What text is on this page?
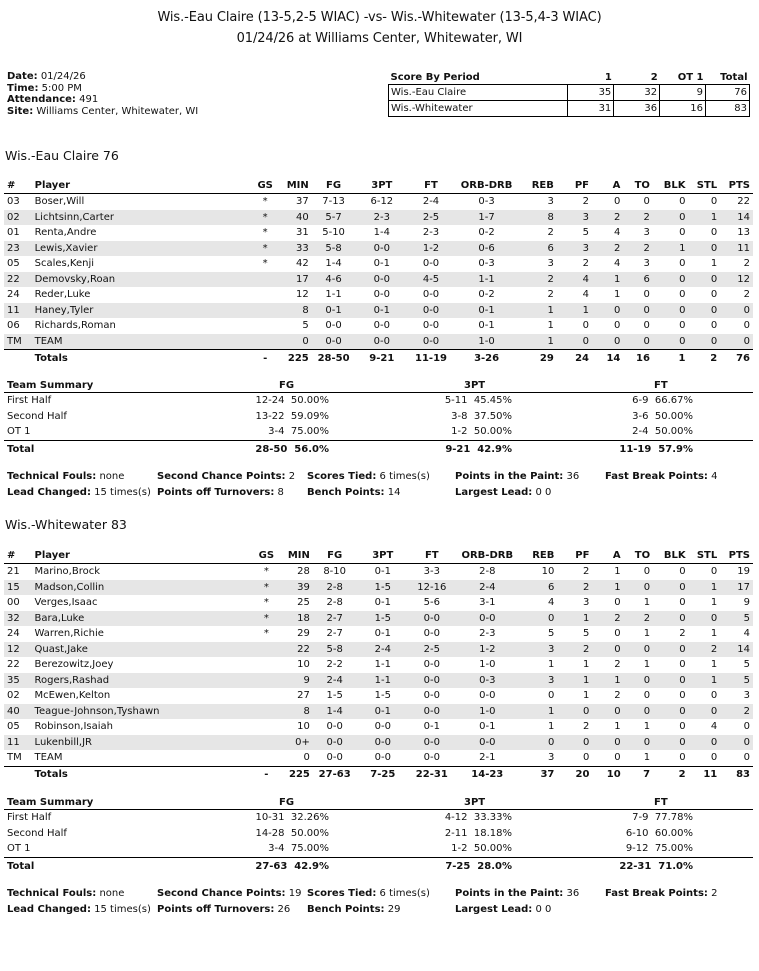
Wis.-Eau Claire (13-5,2-5 WIAC) -vs- Wis.-Whitewater (13-5,4-3 WIAC)
01/24/26 at Williams Center, Whitewater, WI
Date: 01/24/26
Time: 5:00 PM
Attendance: 491
Site: Williams Center, Whitewater, WI
Score By Period	1	2	OT 1	Total
Wis.-Eau Claire	35	32	9	76
Wis.-Whitewater	31	36	16	83
Wis.-Eau Claire 76
#	Player	GS	MIN	FG	3PT	FT	ORB-DRB	REB	PF	A	TO	BLK	STL	PTS
03	Boser,Will	*	37	7-13	6-12	2-4	0-3	3	2	0	0	0	0	22
02	Lichtsinn,Carter	*	40	5-7	2-3	2-5	1-7	8	3	2	2	0	1	14
01	Renta,Andre	*	31	5-10	1-4	2-3	0-2	2	5	4	3	0	0	13
23	Lewis,Xavier	*	33	5-8	0-0	1-2	0-6	6	3	2	2	1	0	11
05	Scales,Kenji	*	42	1-4	0-1	0-0	0-3	3	2	4	3	0	1	2
22	Demovsky,Roan		17	4-6	0-0	4-5	1-1	2	4	1	6	0	0	12
24	Reder,Luke		12	1-1	0-0	0-0	0-2	2	4	1	0	0	0	2
11	Haney,Tyler		8	0-1	0-1	0-0	0-1	1	1	0	0	0	0	0
06	Richards,Roman		5	0-0	0-0	0-0	0-1	1	0	0	0	0	0	0
TM	TEAM		0	0-0	0-0	0-0	1-0	1	0	0	0	0	0	0
	Totals	-	225	28-50	9-21	11-19	3-26	29	24	14	16	1	2	76
Team Summary	FG	3PT	FT
First Half	12-24  50.00%	5-11  45.45%	6-9  66.67%
Second Half	13-22  59.09%	3-8  37.50%	3-6  50.00%
OT 1	3-4  75.00%	1-2  50.00%	2-4  50.00%
Total	28-50  56.0%	9-21  42.9%	11-19  57.9%
Technical Fouls: none	Second Chance Points: 2 Scores Tied: 6 times(s)	Points in the Paint: 36	Fast Break Points: 4
Lead Changed: 15 times(s) Points off Turnovers: 8 Bench Points: 14	Largest Lead: 0 0
Wis.-Whitewater 83
#	Player	GS	MIN	FG	3PT	FT	ORB-DRB	REB	PF	A	TO	BLK	STL	PTS
21	Marino,Brock	*	28	8-10	0-1	3-3	2-8	10	2	1	0	0	0	19
15	Madson,Collin	*	39	2-8	1-5	12-16	2-4	6	2	1	0	0	1	17
00	Verges,Isaac	*	25	2-8	0-1	5-6	3-1	4	3	0	1	0	1	9
32	Bara,Luke	*	18	2-7	1-5	0-0	0-0	0	1	2	2	0	0	5
24	Warren,Richie	*	29	2-7	0-1	0-0	2-3	5	5	0	1	2	1	4
12	Quast,Jake		22	5-8	2-4	2-5	1-2	3	2	0	0	0	2	14
22	Berezowitz,Joey		10	2-2	1-1	0-0	1-0	1	1	2	1	0	1	5
35	Rogers,Rashad		9	2-4	1-1	0-0	0-3	3	1	1	0	0	1	5
02	McEwen,Kelton		27	1-5	1-5	0-0	0-0	0	1	2	0	0	0	3
40	Teague-Johnson,Tyshawn		8	1-4	0-1	0-0	1-0	1	0	0	0	0	0	2
05	Robinson,Isaiah		10	0-0	0-0	0-1	0-1	1	2	1	1	0	4	0
11	Lukenbill,JR		0+	0-0	0-0	0-0	0-0	0	0	0	0	0	0	0
TM	TEAM		0	0-0	0-0	0-0	2-1	3	0	0	1	0	0	0
	Totals	-	225	27-63	7-25	22-31	14-23	37	20	10	7	2	11	83
Team Summary	FG	3PT	FT
First Half	10-31  32.26%	4-12  33.33%	7-9  77.78%
Second Half	14-28  50.00%	2-11  18.18%	6-10  60.00%
OT 1	3-4  75.00%	1-2  50.00%	9-12  75.00%
Total	27-63  42.9%	7-25  28.0%	22-31  71.0%
Technical Fouls: none	Second Chance Points: 19 Scores Tied: 6 times(s)	Points in the Paint: 36	Fast Break Points: 2
Lead Changed: 15 times(s) Points off Turnovers: 26 Bench Points: 29	Largest Lead: 0 0
